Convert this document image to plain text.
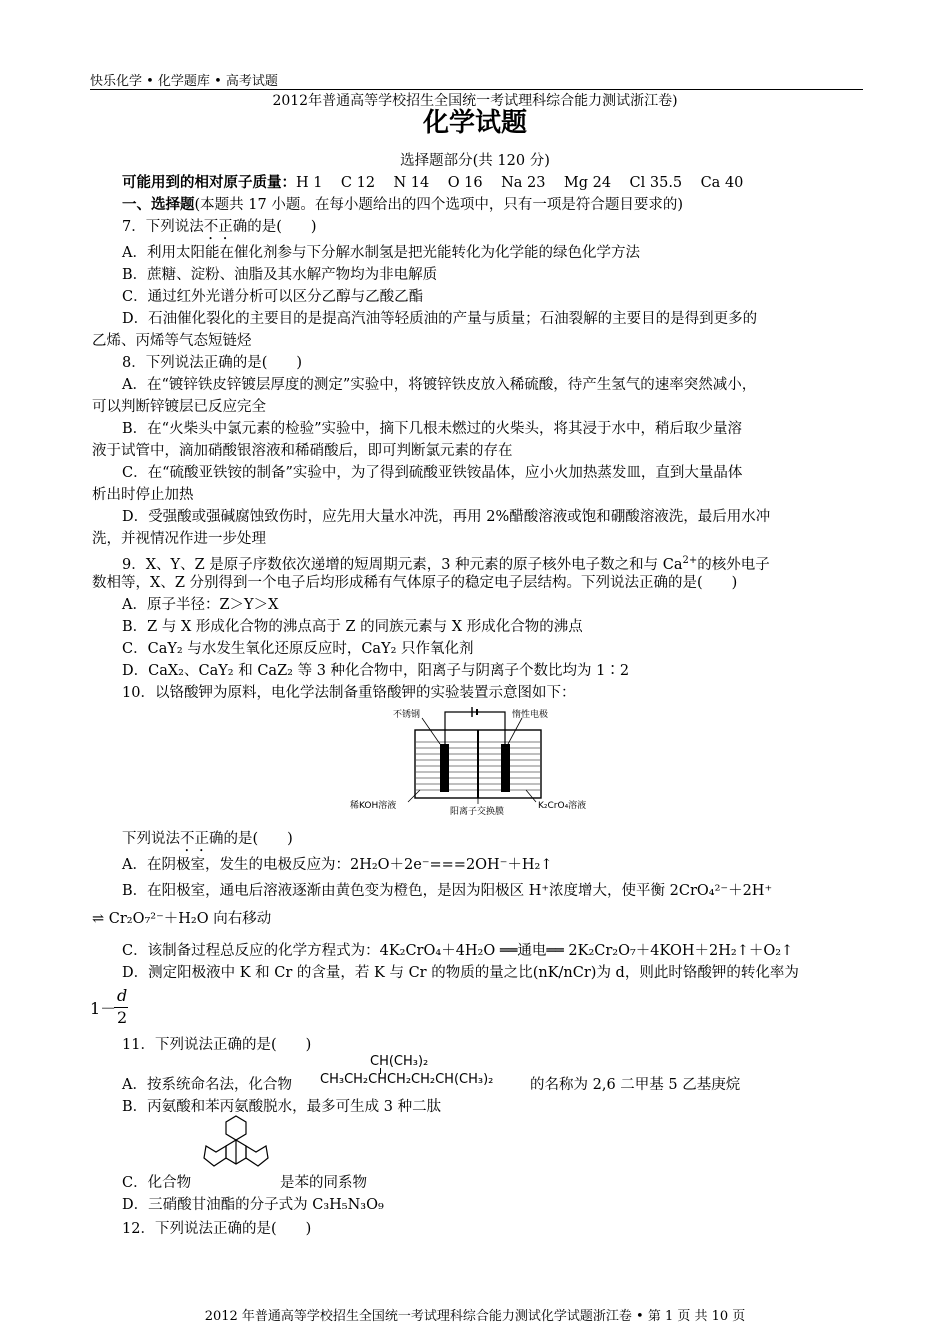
快乐化学 • 化学题库 • 高考试题
2012年普通高等学校招生全国统一考试理科综合能力测试浙江卷)
化学试题
选择题部分(共 120 分)
可能用到的相对原子质量：H 1    C 12    N 14    O 16    Na 23    Mg 24    Cl 35.5    Ca 40
一、选择题(本题共 17 小题。在每小题给出的四个选项中，只有一项是符合题目要求的)
7．下列说法不正确的是(　　)
A．利用太阳能在催化剂参与下分解水制氢是把光能转化为化学能的绿色化学方法
B．蔗糖、淀粉、油脂及其水解产物均为非电解质
C．通过红外光谱分析可以区分乙醇与乙酸乙酯
D．石油催化裂化的主要目的是提高汽油等轻质油的产量与质量；石油裂解的主要目的是得到更多的
乙烯、丙烯等气态短链烃
8．下列说法正确的是(　　)
A．在“镀锌铁皮锌镀层厚度的测定”实验中，将镀锌铁皮放入稀硫酸，待产生氢气的速率突然减小，
可以判断锌镀层已反应完全
B．在“火柴头中氯元素的检验”实验中，摘下几根未燃过的火柴头，将其浸于水中，稍后取少量溶
液于试管中，滴加硝酸银溶液和稀硝酸后，即可判断氯元素的存在
C．在“硫酸亚铁铵的制备”实验中，为了得到硫酸亚铁铵晶体，应小火加热蒸发皿，直到大量晶体
析出时停止加热
D．受强酸或强碱腐蚀致伤时，应先用大量水冲洗，再用 2%醋酸溶液或饱和硼酸溶液洗，最后用水冲
洗，并视情况作进一步处理
9．X、Y、Z 是原子序数依次递增的短周期元素，3 种元素的原子核外电子数之和与 $Ca^{2+}$的核外电子
数相等，X、Z 分别得到一个电子后均形成稀有气体原子的稳定电子层结构。下列说法正确的是(　　)
A．原子半径：Z＞Y＞X
B．Z 与 X 形成化合物的沸点高于 Z 的同族元素与 X 形成化合物的沸点
C．CaY₂ 与水发生氧化还原反应时，CaY₂ 只作氧化剂
D．CaX₂、CaY₂ 和 CaZ₂ 等 3 种化合物中，阳离子与阴离子个数比均为 1∶2
10．以铬酸钾为原料，电化学法制备重铬酸钾的实验装置示意图如下：
不锈钢	惰性电极
稀KOH溶液
阳离子交换膜
K₂CrO₄溶液
下列说法不正确的是(　　)
A．在阴极室，发生的电极反应为：2H₂O＋2e⁻===2OH⁻＋H₂↑
B．在阳极室，通电后溶液逐渐由黄色变为橙色，是因为阳极区 H⁺浓度增大，使平衡 2CrO₄²⁻＋2H⁺
⇌ Cr₂O₇²⁻＋H₂O 向右移动
C．该制备过程总反应的化学方程式为：4K₂CrO₄＋4H₂O ══通电══ 2K₂Cr₂O₇＋4KOH＋2H₂↑＋O₂↑
D．测定阳极液中 K 和 Cr 的含量，若 K 与 Cr 的物质的量之比(nK/nCr)为 d，则此时铬酸钾的转化率为
1－
d
2
11．下列说法正确的是(　　)
CH(CH₃)₂
A．按系统命名法，化合物 CH₃CH₂CHCH₂CH₂CH(CH₃)₂	的名称为 2,6 二甲基 5 乙基庚烷
B．丙氨酸和苯丙氨酸脱水，最多可生成 3 种二肽
C．化合物	是苯的同系物
D．三硝酸甘油酯的分子式为 C₃H₅N₃O₉
12．下列说法正确的是(　　)
2012 年普通高等学校招生全国统一考试理科综合能力测试化学试题浙江卷 • 第 1 页 共 10 页
